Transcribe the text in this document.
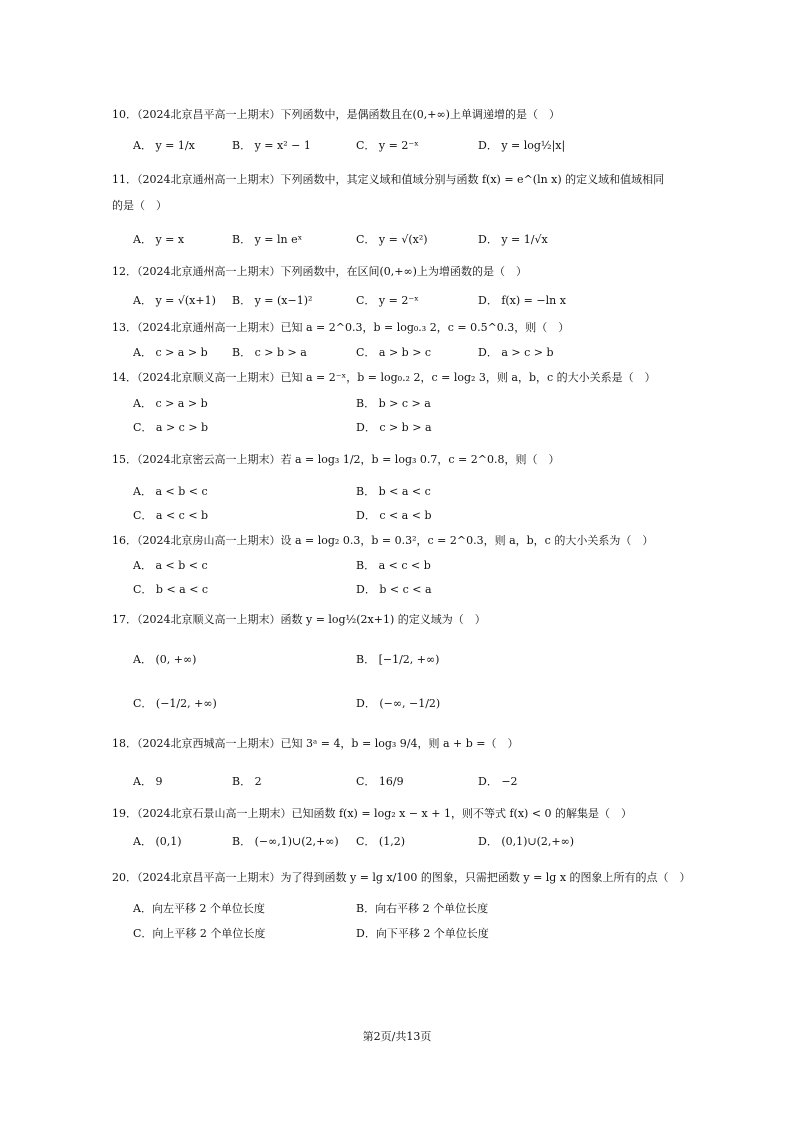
10．（2024北京昌平高一上期末）下列函数中，是偶函数且在(0,+∞)上单调递增的是（　）
A． y = 1/x	B． y = x² − 1	C． y = 2⁻ˣ	D． y = log½|x|
11．（2024北京通州高一上期末）下列函数中，其定义域和值域分别与函数 f(x) = e^(ln x) 的定义域和值域相同
的是（　）
A． y = x	B． y = ln eˣ	C． y = √(x²)	D． y = 1/√x
12．（2024北京通州高一上期末）下列函数中，在区间(0,+∞)上为增函数的是（　）
A． y = √(x+1) B． y = (x−1)²	C． y = 2⁻ˣ	D． f(x) = −ln x
13．（2024北京通州高一上期末）已知 a = 2^0.3，b = log₀.₃ 2，c = 0.5^0.3，则（　）
A． c > a > b B． c > b > a	C． a > b > c	D． a > c > b
14．（2024北京顺义高一上期末）已知 a = 2⁻ˣ，b = log₀.₂ 2，c = log₂ 3，则 a，b，c 的大小关系是（　）
A． c > a > b	B． b > c > a
C． a > c > b	D． c > b > a
15．（2024北京密云高一上期末）若 a = log₃ 1/2，b = log₃ 0.7，c = 2^0.8，则（　）
A． a < b < c	B． b < a < c
C． a < c < b	D． c < a < b
16．（2024北京房山高一上期末）设 a = log₂ 0.3，b = 0.3²，c = 2^0.3，则 a，b，c 的大小关系为（　）
A． a < b < c	B． a < c < b
C． b < a < c	D． b < c < a
17．（2024北京顺义高一上期末）函数 y = log½(2x+1) 的定义域为（　）
A． (0, +∞)	B． [−1/2, +∞)
C． (−1/2, +∞)	D． (−∞, −1/2)
18．（2024北京西城高一上期末）已知 3ᵃ = 4，b = log₃ 9/4，则 a + b =（　）
A． 9	B． 2	C． 16/9	D． −2
19．（2024北京石景山高一上期末）已知函数 f(x) = log₂ x − x + 1，则不等式 f(x) < 0 的解集是（　）
A． (0,1)	B． (−∞,1)∪(2,+∞) C． (1,2)	D． (0,1)∪(2,+∞)
20．（2024北京昌平高一上期末）为了得到函数 y = lg x/100 的图象，只需把函数 y = lg x 的图象上所有的点（　）
A．向左平移 2 个单位长度	B．向右平移 2 个单位长度
C．向上平移 2 个单位长度	D．向下平移 2 个单位长度
第2页/共13页
